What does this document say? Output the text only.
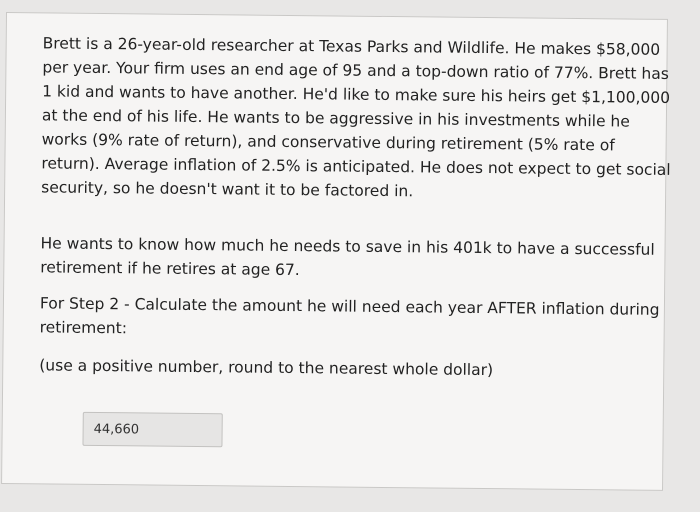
Brett is a 26-year-old researcher at Texas Parks and Wildlife. He makes $58,000 per year. Your firm uses an end age of 95 and a top-down ratio of 77%. Brett has 1 kid and wants to have another. He'd like to make sure his heirs get $1,100,000 at the end of his life. He wants to be aggressive in his investments while he works (9% rate of return), and conservative during retirement (5% rate of return). Average inflation of 2.5% is anticipated. He does not expect to get social security, so he doesn't want it to be factored in.

He wants to know how much he needs to save in his 401k to have a successful retirement if he retires at age 67.

For Step 2 - Calculate the amount he will need each year AFTER inflation during retirement:

(use a positive number, round to the nearest whole dollar)

44,660
